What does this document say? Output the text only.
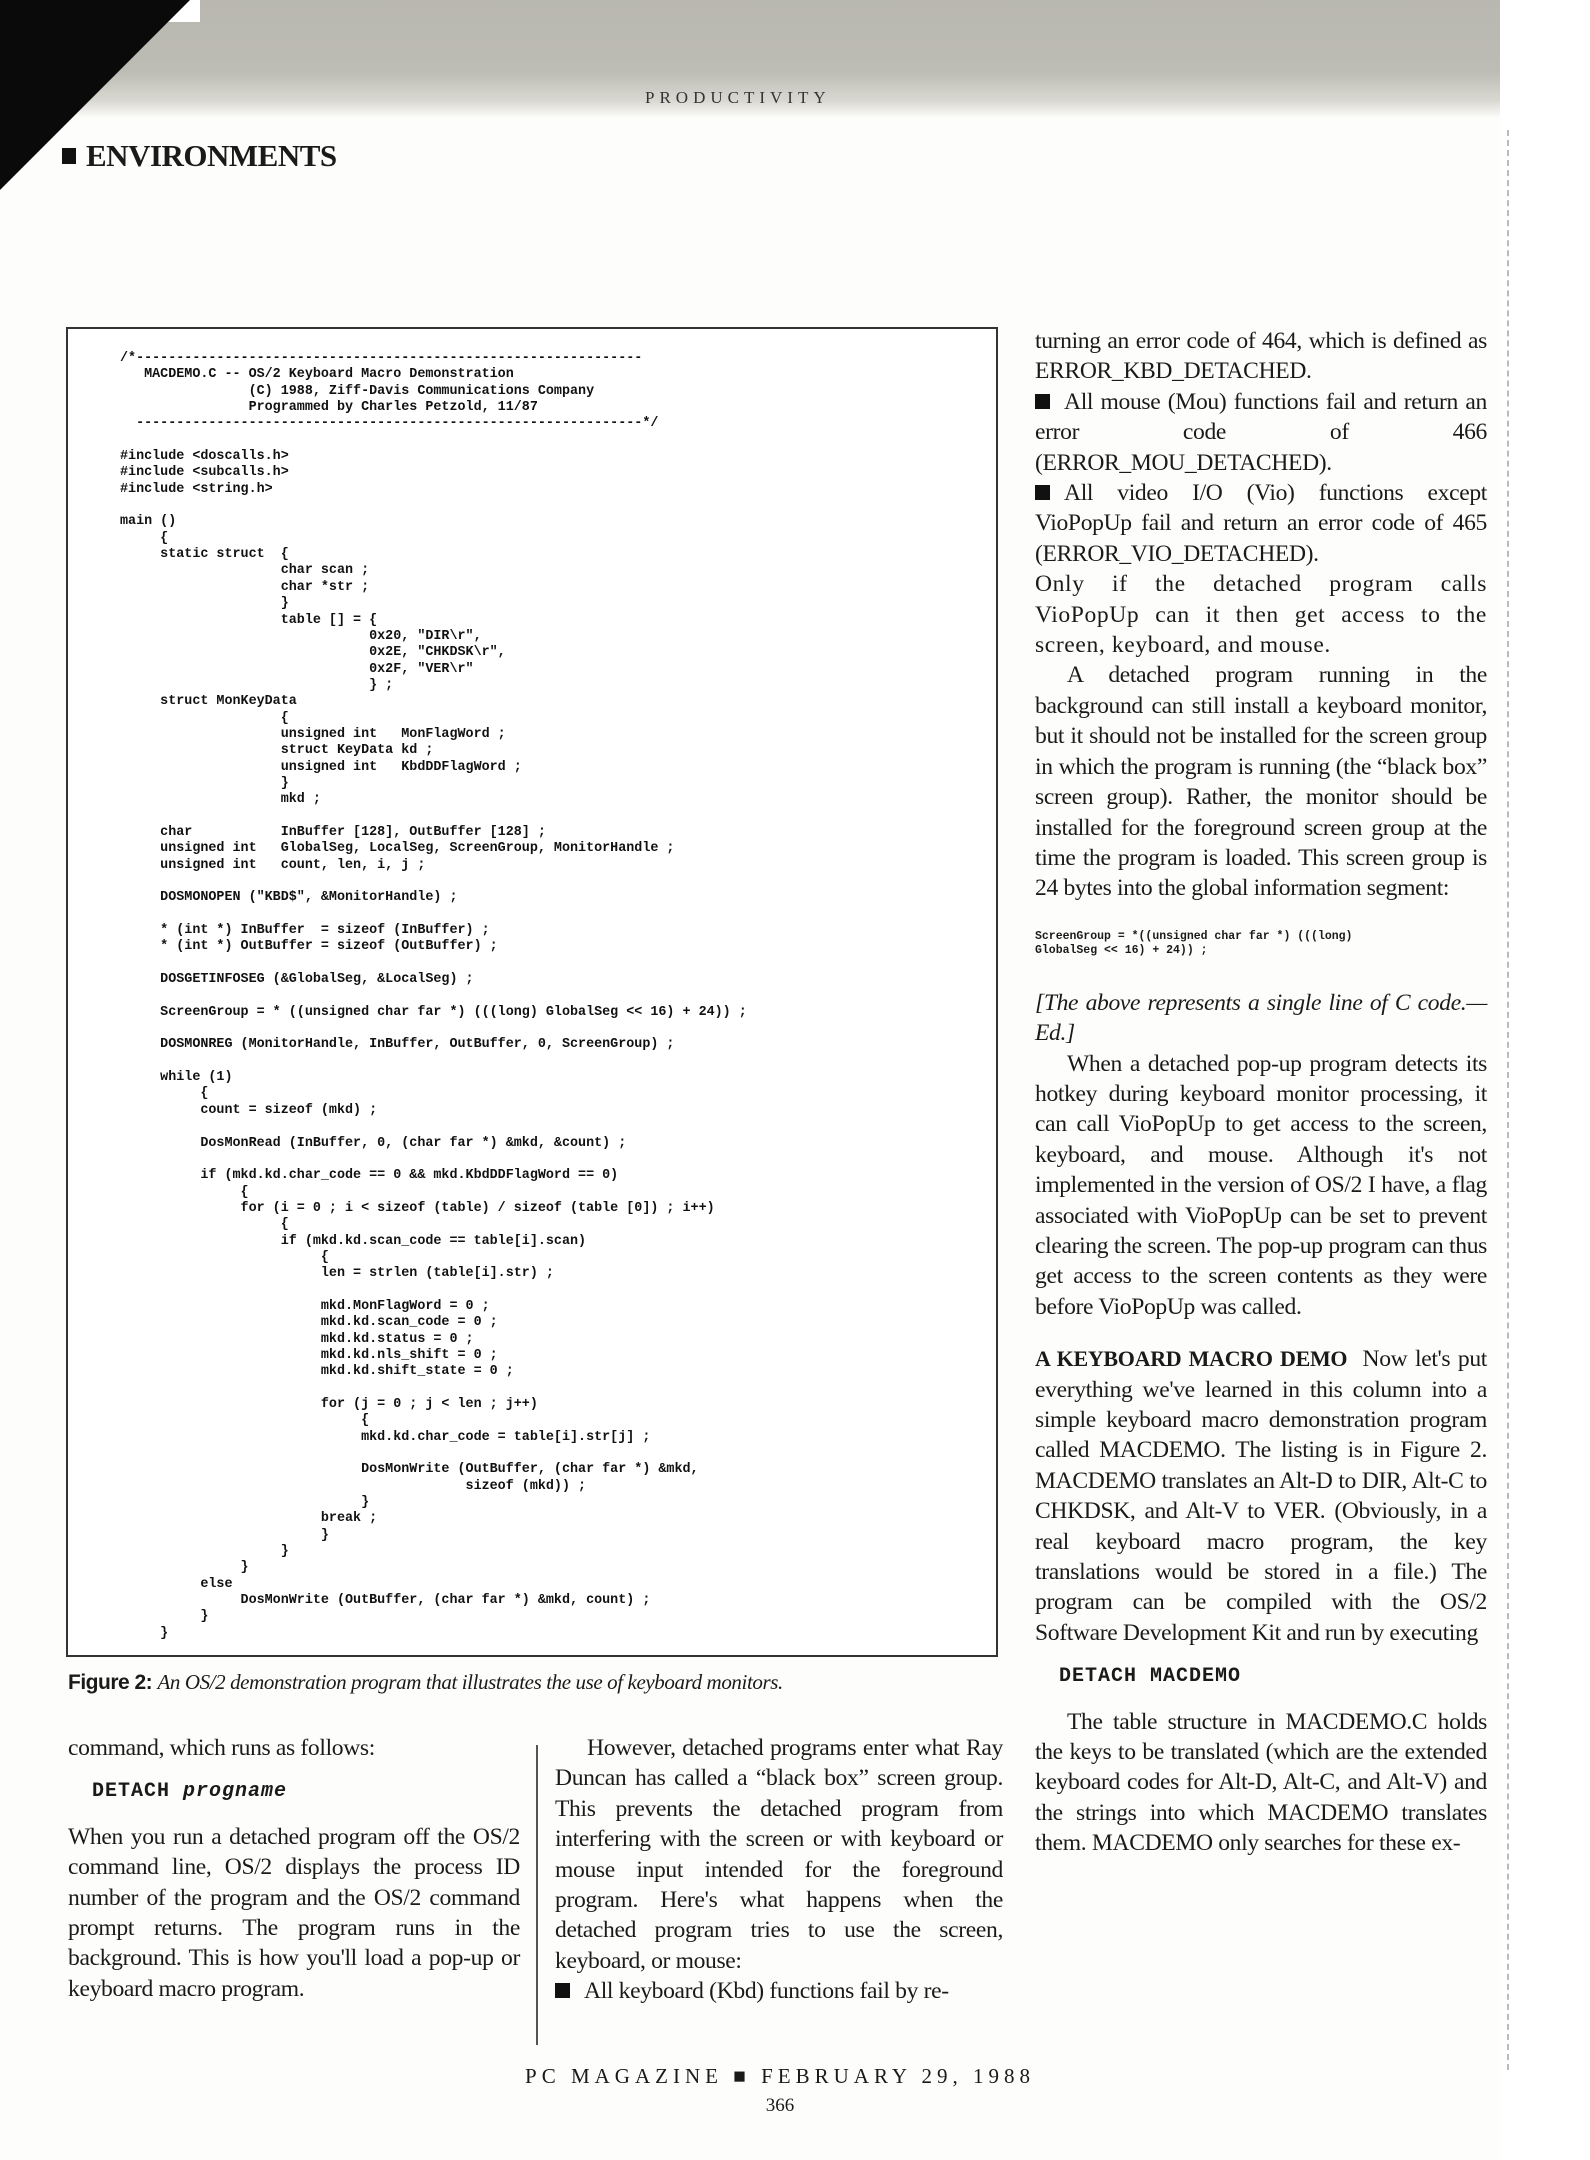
PRODUCTIVITY
ENVIRONMENTS
/*---------------------------------------------------------------
MACDEMO.C -- OS/2 Keyboard Macro Demonstration
(C) 1988, Ziff-Davis Communications Company
Programmed by Charles Petzold, 11/87
---------------------------------------------------------------*/

#include <doscalls.h>
#include <subcalls.h>
#include <string.h>

main ()
{
static struct  {
char scan ;
char *str ;
}
table [] = {
0x20, "DIR\r",
0x2E, "CHKDSK\r",
0x2F, "VER\r"
} ;
struct MonKeyData
{
unsigned int   MonFlagWord ;
struct KeyData kd ;
unsigned int   KbdDDFlagWord ;
}
mkd ;

char           InBuffer [128], OutBuffer [128] ;
unsigned int   GlobalSeg, LocalSeg, ScreenGroup, MonitorHandle ;
unsigned int   count, len, i, j ;

DOSMONOPEN ("KBD$", &MonitorHandle) ;

* (int *) InBuffer  = sizeof (InBuffer) ;
* (int *) OutBuffer = sizeof (OutBuffer) ;

DOSGETINFOSEG (&GlobalSeg, &LocalSeg) ;

ScreenGroup = * ((unsigned char far *) (((long) GlobalSeg << 16) + 24)) ;

DOSMONREG (MonitorHandle, InBuffer, OutBuffer, 0, ScreenGroup) ;

while (1)
{
count = sizeof (mkd) ;

DosMonRead (InBuffer, 0, (char far *) &mkd, &count) ;

if (mkd.kd.char_code == 0 && mkd.KbdDDFlagWord == 0)
{
for (i = 0 ; i < sizeof (table) / sizeof (table [0]) ; i++)
{
if (mkd.kd.scan_code == table[i].scan)
{
len = strlen (table[i].str) ;

mkd.MonFlagWord = 0 ;
mkd.kd.scan_code = 0 ;
mkd.kd.status = 0 ;
mkd.kd.nls_shift = 0 ;
mkd.kd.shift_state = 0 ;

for (j = 0 ; j < len ; j++)
{
mkd.kd.char_code = table[i].str[j] ;

DosMonWrite (OutBuffer, (char far *) &mkd,
sizeof (mkd)) ;
}
break ;
}
}
}
else
DosMonWrite (OutBuffer, (char far *) &mkd, count) ;
}
}
Figure 2: An OS/2 demonstration program that illustrates the use of keyboard monitors.

command, which runs as follows:

DETACH progname

When you run a detached program off the OS/2 command line, OS/2 displays the process ID number of the program and the OS/2 command prompt returns. The program runs in the background. This is how you'll load a pop-up or keyboard macro program.

However, detached programs enter what Ray Duncan has called a “black box” screen group. This prevents the detached program from interfering with the screen or with keyboard or mouse input intended for the foreground program. Here's what happens when the detached program tries to use the screen, keyboard, or mouse:

All keyboard (Kbd) functions fail by re-

turning an error code of 464, which is defined as ERROR_KBD_DETACHED.

All mouse (Mou) functions fail and return an error code of 466 (ERROR_MOU_DETACHED).

All video I/O (Vio) functions except VioPopUp fail and return an error code of 465 (ERROR_VIO_DETACHED).

Only if the detached program calls VioPopUp can it then get access to the screen, keyboard, and mouse.

A detached program running in the background can still install a keyboard monitor, but it should not be installed for the screen group in which the program is running (the “black box” screen group). Rather, the monitor should be installed for the foreground screen group at the time the program is loaded. This screen group is 24 bytes into the global information segment:

ScreenGroup = *((unsigned char far *) (((long)
GlobalSeg << 16) + 24)) ;

[The above represents a single line of C code.—Ed.]

When a detached pop-up program detects its hotkey during keyboard monitor processing, it can call VioPopUp to get access to the screen, keyboard, and mouse. Although it's not implemented in the version of OS/2 I have, a flag associated with VioPopUp can be set to prevent clearing the screen. The pop-up program can thus get access to the screen contents as they were before VioPopUp was called.

A KEYBOARD MACRO DEMO Now let's put everything we've learned in this column into a simple keyboard macro demonstration program called MACDEMO. The listing is in Figure 2. MACDEMO translates an Alt-D to DIR, Alt-C to CHKDSK, and Alt-V to VER. (Obviously, in a real keyboard macro program, the key translations would be stored in a file.) The program can be compiled with the OS/2 Software Development Kit and run by executing

DETACH MACDEMO

The table structure in MACDEMO.C holds the keys to be translated (which are the extended keyboard codes for Alt-D, Alt-C, and Alt-V) and the strings into which MACDEMO translates them. MACDEMO only searches for these ex-

PC MAGAZINE ■ FEBRUARY 29, 1988
366
